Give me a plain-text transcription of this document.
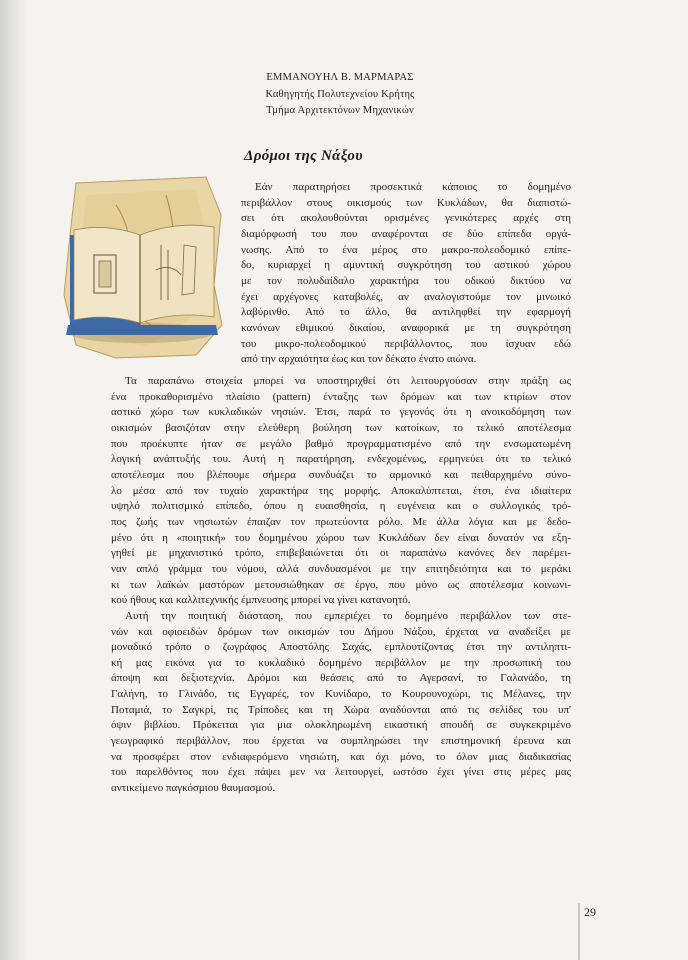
ΕΜΜΑΝΟΥΗΛ Β. ΜΑΡΜΑΡΑΣ
Καθηγητής Πολυτεχνείου Κρήτης
Τμήμα Αρχιτεκτόνων Μηχανικών
Δρόμοι της Νάξου
Εάν παρατηρήσει προσεκτικά κάποιος το δομημένο
περιβάλλον στους οικισμούς των Κυκλάδων, θα διαπιστώ-
σει ότι ακολουθούνται ορισμένες γενικότερες αρχές στη
διαμόρφωσή του που αναφέρονται σε δύο επίπεδα οργά-
νωσης. Από το ένα μέρος στο μακρο-πολεοδομικό επίπε-
δο, κυριαρχεί η αμυντική συγκρότηση του αστικού χώρου
με τον πολυδαίδαλο χαρακτήρα του οδικού δικτύου να
έχει αρχέγονες καταβολές, αν αναλογιστούμε τον μινωικό
λαβύρινθο. Από το άλλο, θα αντιληφθεί την εφαρμογή
κανόνων εθιμικού δικαίου, αναφορικά με τη συγκρότηση
του μικρο-πολεοδομικού περιβάλλοντος, που ίσχυαν εδώ
από την αρχαιότητα έως και τον δέκατο ένατο αιώνα.
Τα παραπάνω στοιχεία μπορεί να υποστηριχθεί ότι λειτουργούσαν στην πράξη ως
ένα προκαθορισμένο πλαίσιο (pattern) ένταξης των δρόμων και των κτιρίων στον
αστικό χώρο των κυκλαδικών νησιών. Έτσι, παρά το γεγονός ότι η ανοικοδόμηση των
οικισμών βασιζόταν στην ελεύθερη βούληση των κατοίκων, το τελικό αποτέλεσμα
που προέκυπτε ήταν σε μεγάλο βαθμό προγραμματισμένο από την ενσωματωμένη
λογική ανάπτυξής του. Αυτή η παρατήρηση, ενδεχομένως, ερμηνεύει ότι το τελικό
αποτέλεσμα που βλέπουμε σήμερα συνδυάζει το αρμονικό και πειθαρχημένο σύνο-
λο μέσα από τον τυχαίο χαρακτήρα της μορφής. Αποκαλύπτεται, έτσι, ένα ιδιαίτερα
υψηλό πολιτισμικό επίπεδο, όπου η ευαισθησία, η ευγένεια και ο συλλογικός τρό-
πος ζωής των νησιωτών έπαιζαν τον πρωτεύοντα ρόλο. Με άλλα λόγια και με δεδο-
μένο ότι η «ποιητική» του δομημένου χώρου των Κυκλάδων δεν είναι δυνατόν να εξη-
γηθεί με μηχανιστικό τρόπο, επιβεβαιώνεται ότι οι παραπάνω κανόνες δεν παρέμει-
ναν απλό γράμμα του νόμου, αλλά συνδυασμένοι με την επιτηδειότητα και το μεράκι
κι των λαϊκών μαστόρων μετουσιώθηκαν σε έργο, που μόνο ως αποτέλεσμα κοινωνι-
κού ήθους και καλλιτεχνικής έμπνευσης μπορεί να γίνει κατανοητό.
Αυτή την ποιητική διάσταση, που εμπεριέχει το δομημένο περιβάλλον των στε-
νών και οφιοειδών δρόμων των οικισμών του Δήμου Νάξου, έρχεται να αναδείξει με
μοναδικό τρόπο ο ζωγράφος Αποστόλης Σαχάς, εμπλουτίζοντας έτσι την αντιληπτι-
κή μας εικόνα για το κυκλαδικό δομημένο περιβάλλον με την προσωπική του
άποψη και δεξιοτεχνία. Δρόμοι και θεάσεις από το Αγερσανί, το Γαλανάδο, τη
Γαλήνη, το Γλινάδο, τις Εγγαρές, τον Κυνίδαρο, το Κουρουνοχώρι, τις Μέλανες, την
Ποταμιά, το Σαγκρί, τις Τρίποδες και τη Χώρα αναδύονται από τις σελίδες του υπ'
όψιν βιβλίου. Πρόκειται για μια ολοκληρωμένη εικαστική σπουδή σε συγκεκριμένο
γεωγραφικό περιβάλλον, που έρχεται να συμπληρώσει την επιστημονική έρευνα και
να προσφέρει στον ενδιαφερόμενο νησιώτη, και όχι μόνο, το όλον μιας διαδικασίας
του παρελθόντος που έχει πάψει μεν να λειτουργεί, ωστόσο έχει γίνει στις μέρες μας
αντικείμενο παγκόσμιου θαυμασμού.
29
